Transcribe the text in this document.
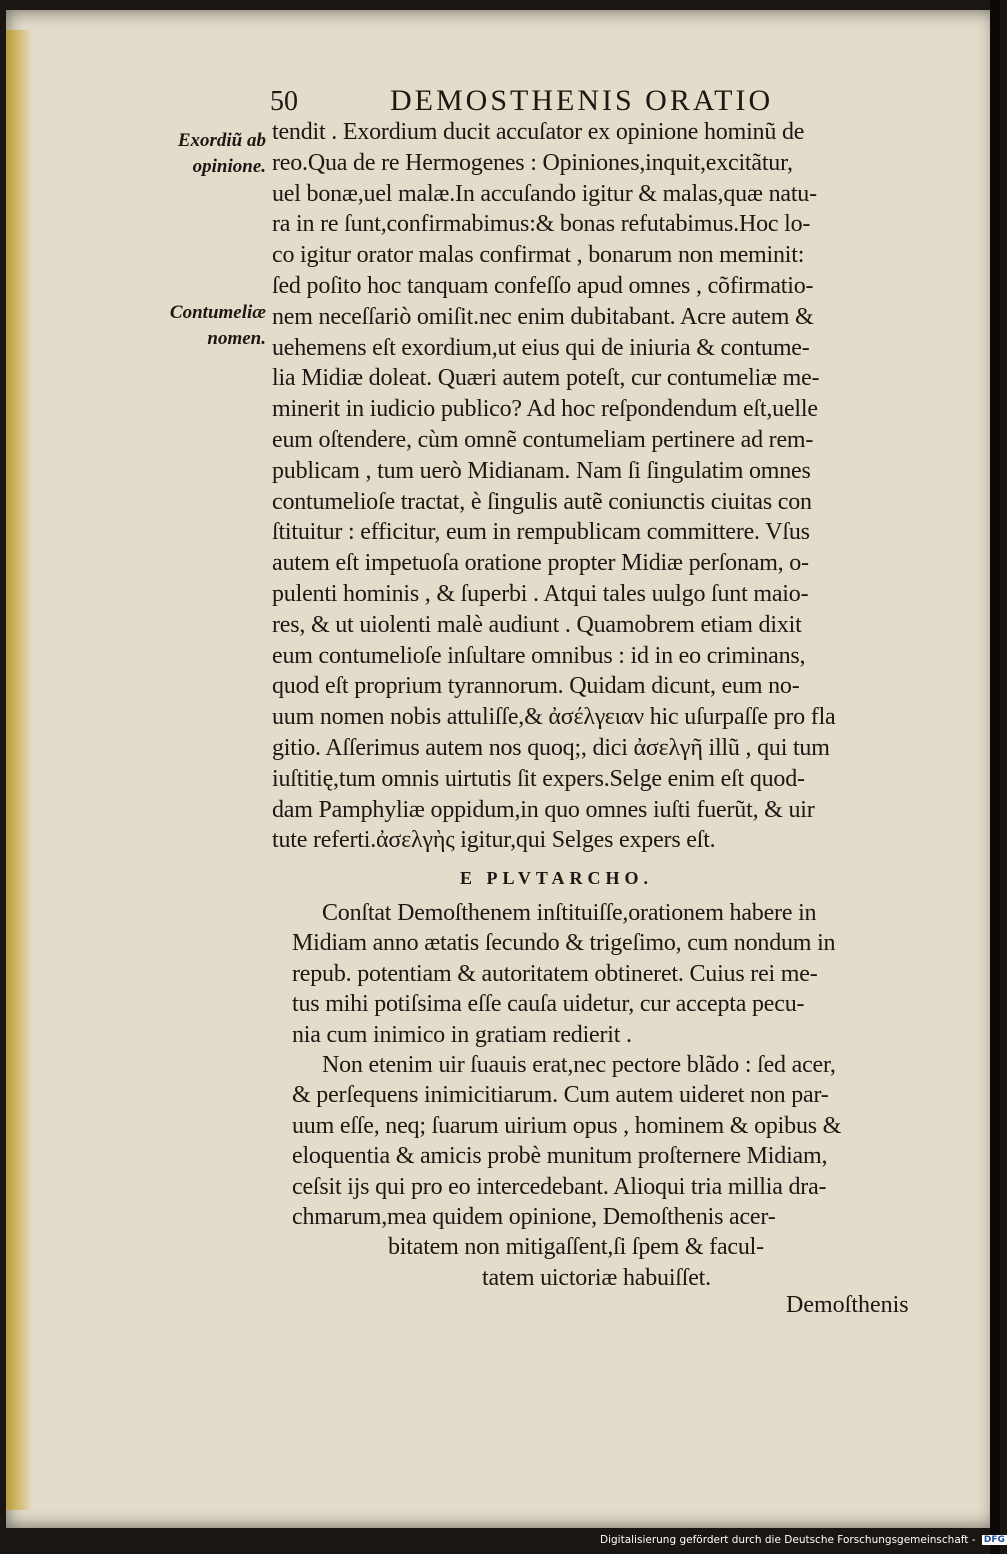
50	DEMOSTHENIS ORATIO
Exordiũ ab
opinione.
Contumeliæ
nomen.
tendit . Exordium ducit accuſator ex opinione hominũ de
reo.Qua de re Hermogenes : Opiniones,inquit,excitãtur,
uel bonæ,uel malæ.In accuſando igitur & malas,quæ natu-
ra in re ſunt,confirmabimus:& bonas refutabimus.Hoc lo-
co igitur orator malas confirmat , bonarum non meminit:
ſed poſito hoc tanquam confeſſo apud omnes , cõfirmatio-
nem neceſſariò omiſit.nec enim dubitabant. Acre autem &
uehemens eſt exordium,ut eius qui de iniuria & contume-
lia Midiæ doleat. Quæri autem poteſt, cur contumeliæ me-
minerit in iudicio publico? Ad hoc reſpondendum eſt,uelle
eum oſtendere, cùm omnẽ contumeliam pertinere ad rem-
publicam , tum uerò Midianam. Nam ſi ſingulatim omnes
contumelioſe tractat, è ſingulis autẽ coniunctis ciuitas con
ſtituitur : efficitur, eum in rempublicam committere. Vſus
autem eſt impetuoſa oratione propter Midiæ perſonam, o-
pulenti hominis , & ſuperbi . Atqui tales uulgo ſunt maio-
res, & ut uiolenti malè audiunt . Quamobrem etiam dixit
eum contumelioſe inſultare omnibus : id in eo criminans,
quod eſt proprium tyrannorum. Quidam dicunt, eum no-
uum nomen nobis attuliſſe,& ἀσέλγειαν hic uſurpaſſe pro fla
gitio. Aſſerimus autem nos quoq;, dici ἀσελγῆ illũ , qui tum
iuſtitię,tum omnis uirtutis ſit expers.Selge enim eſt quod-
dam Pamphyliæ oppidum,in quo omnes iuſti fuerũt, & uir
tute referti.ἀσελγὴς igitur,qui Selges expers eſt.
E PLVTARCHO.
Conſtat Demoſthenem inſtituiſſe,orationem habere in
Midiam anno ætatis ſecundo & trigeſimo, cum nondum in
repub. potentiam & autoritatem obtineret. Cuius rei me-
tus mihi potiſsima eſſe cauſa uidetur, cur accepta pecu-
nia cum inimico in gratiam redierit .
Non etenim uir ſuauis erat,nec pectore blãdo : ſed acer,
& perſequens inimicitiarum. Cum autem uideret non par-
uum eſſe, neq; ſuarum uirium opus , hominem & opibus &
eloquentia & amicis probè munitum proſternere Midiam,
ceſsit ijs qui pro eo intercedebant. Alioqui tria millia dra-
chmarum,mea quidem opinione, Demoſthenis acer-
bitatem non mitigaſſent,ſi ſpem & facul-
tatem uictoriæ habuiſſet.
Demoſthenis
Digitalisierung gefördert durch die Deutsche Forschungsgemeinschaft - DFG
